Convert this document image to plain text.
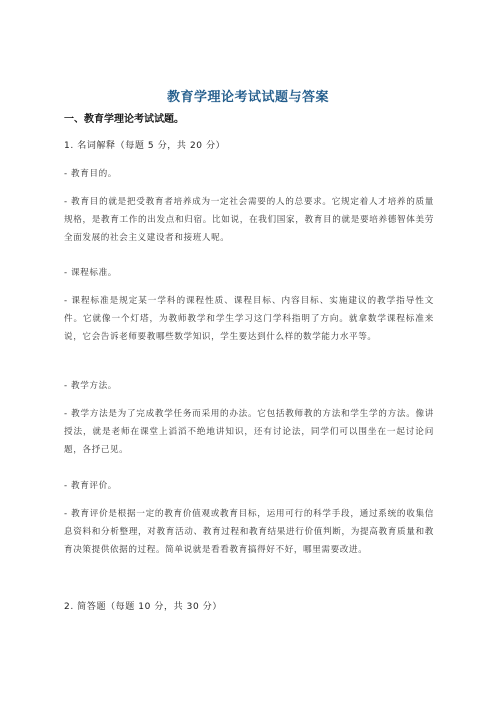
教育学理论考试试题与答案
一、教育学理论考试试题。
1. 名词解释（每题 5 分，共 20 分）
- 教育目的。
- 教育目的就是把受教育者培养成为一定社会需要的人的总要求。它规定着人才培养的质量规格，是教育工作的出发点和归宿。比如说，在我们国家，教育目的就是要培养德智体美劳全面发展的社会主义建设者和接班人呢。
- 课程标准。
- 课程标准是规定某一学科的课程性质、课程目标、内容目标、实施建议的教学指导性文件。它就像一个灯塔，为教师教学和学生学习这门学科指明了方向。就拿数学课程标准来说，它会告诉老师要教哪些数学知识，学生要达到什么样的数学能力水平等。
- 教学方法。
- 教学方法是为了完成教学任务而采用的办法。它包括教师教的方法和学生学的方法。像讲授法，就是老师在课堂上滔滔不绝地讲知识，还有讨论法，同学们可以围坐在一起讨论问题，各抒己见。
- 教育评价。
- 教育评价是根据一定的教育价值观或教育目标，运用可行的科学手段，通过系统的收集信息资料和分析整理，对教育活动、教育过程和教育结果进行价值判断，为提高教育质量和教育决策提供依据的过程。简单说就是看看教育搞得好不好，哪里需要改进。
2. 简答题（每题 10 分，共 30 分）
